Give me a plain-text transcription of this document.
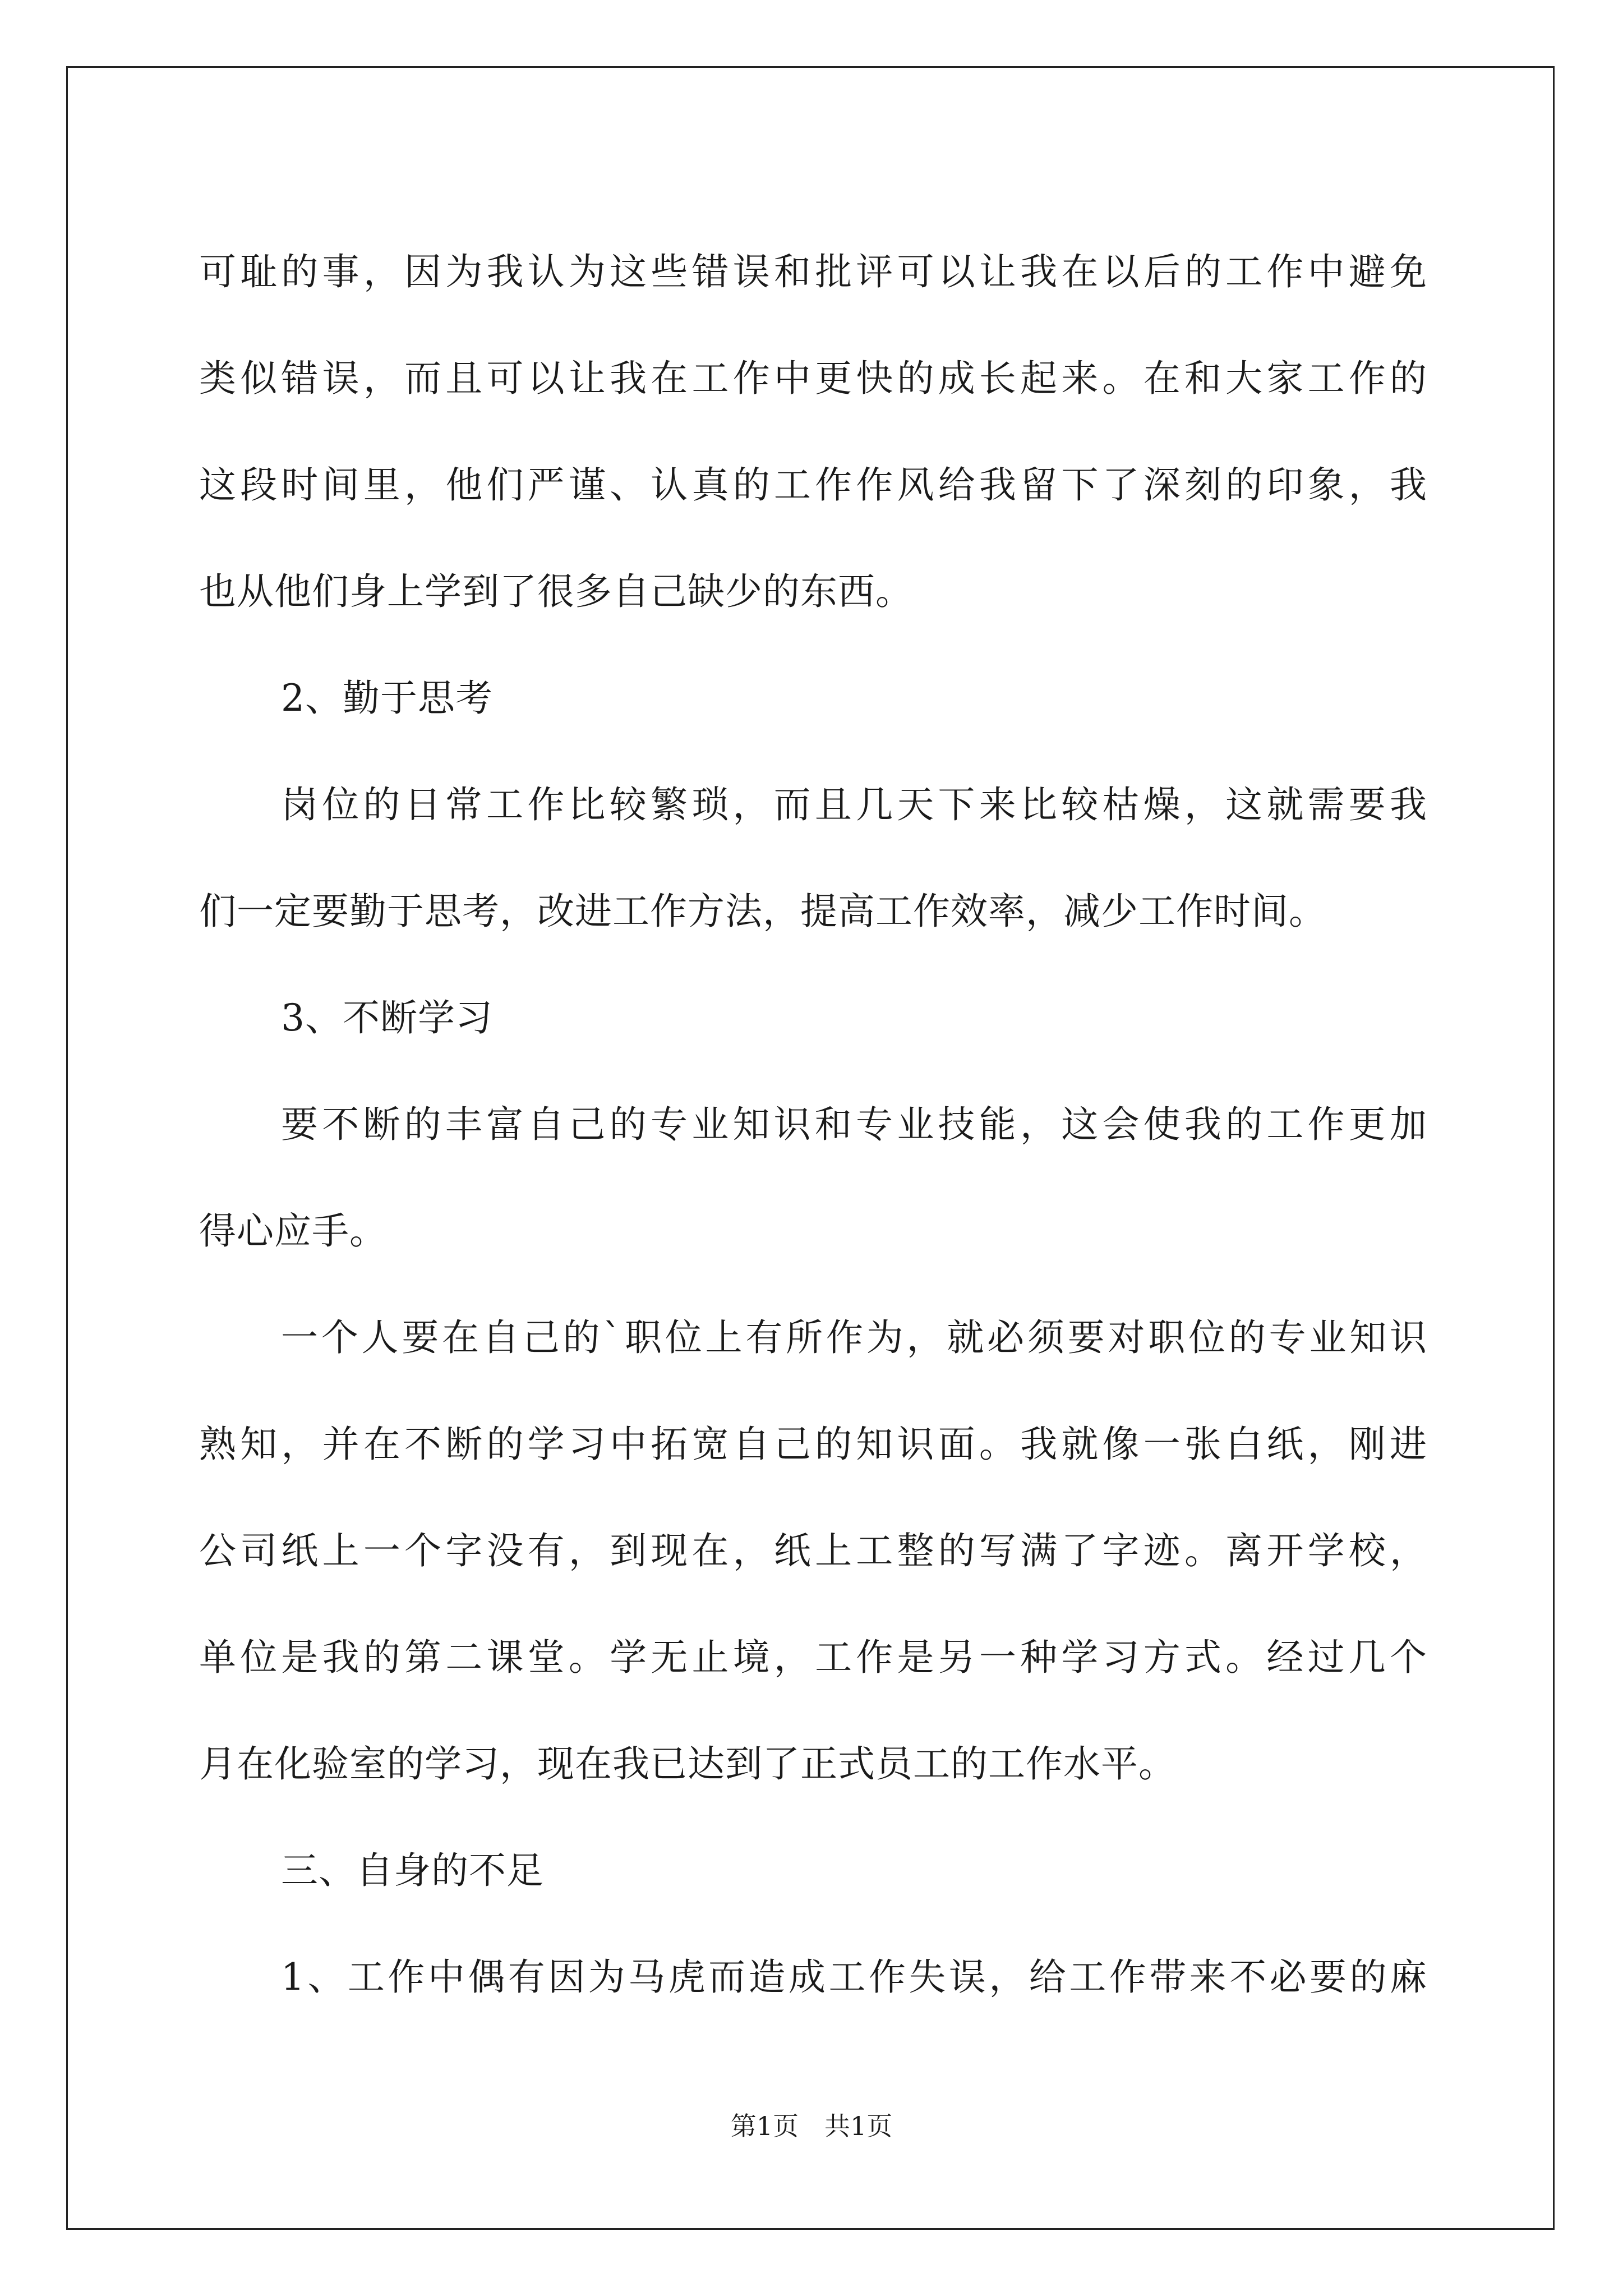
可耻的事，因为我认为这些错误和批评可以让我在以后的工作中避免
类似错误，而且可以让我在工作中更快的成长起来。在和大家工作的
这段时间里，他们严谨、认真的工作作风给我留下了深刻的印象，我
也从他们身上学到了很多自己缺少的东西。
2、勤于思考
岗位的日常工作比较繁琐，而且几天下来比较枯燥，这就需要我
们一定要勤于思考，改进工作方法，提高工作效率，减少工作时间。
3、不断学习
要不断的丰富自己的专业知识和专业技能，这会使我的工作更加
得心应手。
一个人要在自己的`职位上有所作为，就必须要对职位的专业知识
熟知，并在不断的学习中拓宽自己的知识面。我就像一张白纸，刚进
公司纸上一个字没有，到现在，纸上工整的写满了字迹。离开学校，
单位是我的第二课堂。学无止境，工作是另一种学习方式。经过几个
月在化验室的学习，现在我已达到了正式员工的工作水平。
三、自身的不足
1、工作中偶有因为马虎而造成工作失误，给工作带来不必要的麻
第1页 共1页
